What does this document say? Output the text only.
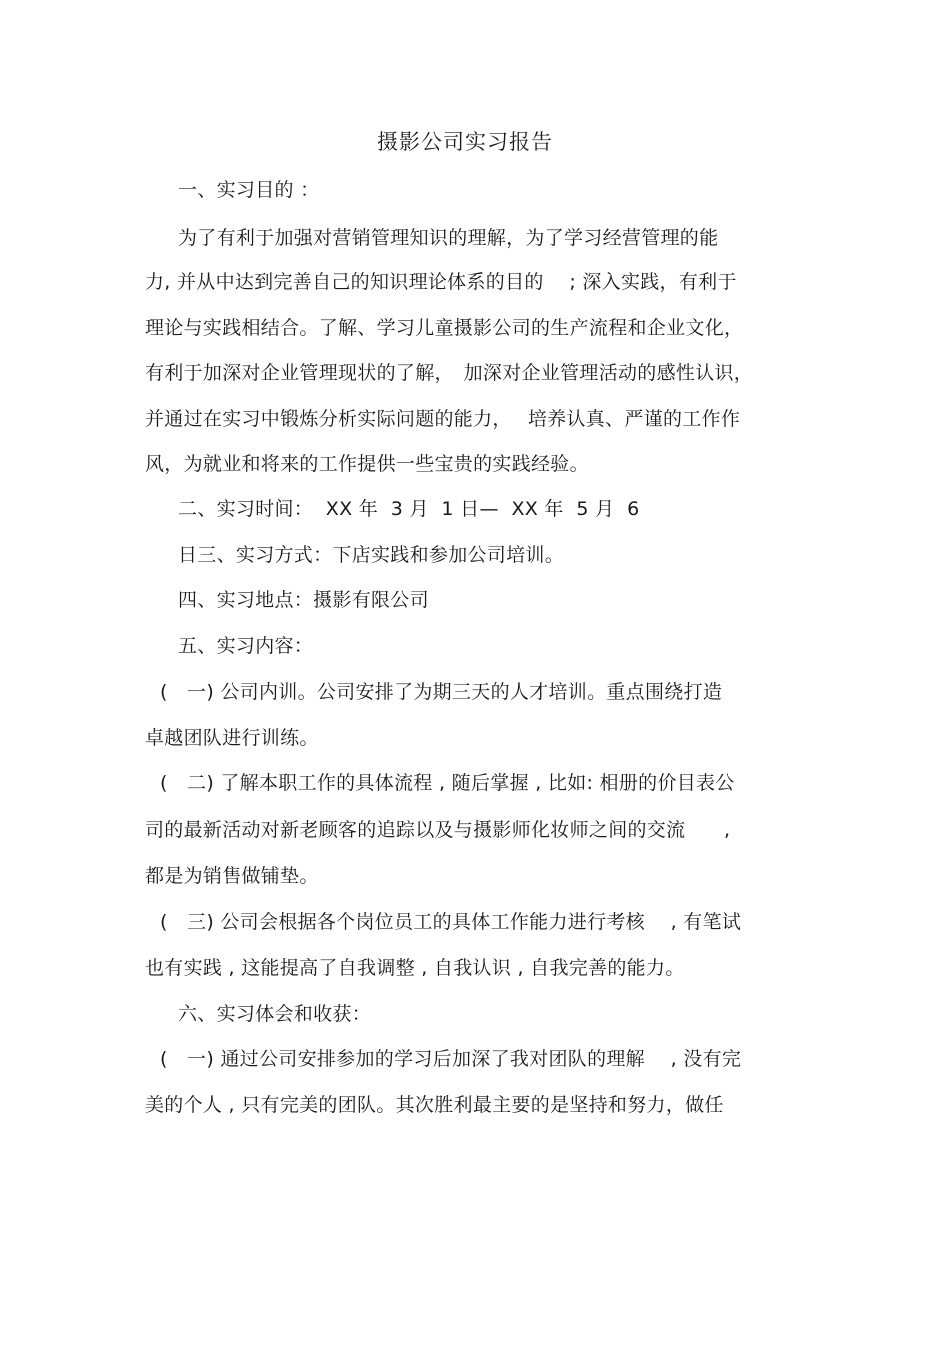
摄影公司实习报告
一、实习目的 ：
为了有利于加强对营销管理知识的理解，为了学习经营管理的能
力, 并从中达到完善自己的知识理论体系的目的　 ; 深入实践，有利于
理论与实践相结合。了解、学习儿童摄影公司的生产流程和企业文化，
有利于加深对企业管理现状的了解，　加深对企业管理活动的感性认识，
并通过在实习中锻炼分析实际问题的能力，　 培养认真、严谨的工作作
风，为就业和将来的工作提供一些宝贵的实践经验。
二、实习时间：  XX 年  3 月  1 日—  XX 年  5 月  6
日三、实习方式：下店实践和参加公司培训。
四、实习地点：摄影有限公司
五、实习内容：
(　一) 公司内训。公司安排了为期三天的人才培训。重点围绕打造
卓越团队进行训练。
(　二) 了解本职工作的具体流程 , 随后掌握 , 比如: 相册的价目表公
司的最新活动对新老顾客的追踪以及与摄影师化妆师之间的交流　　,
都是为销售做铺垫。
(　三) 公司会根据各个岗位员工的具体工作能力进行考核　 , 有笔试
也有实践 , 这能提高了自我调整 , 自我认识 , 自我完善的能力。
六、实习体会和收获：
(　一) 通过公司安排参加的学习后加深了我对团队的理解　 , 没有完
美的个人 , 只有完美的团队。其次胜利最主要的是坚持和努力，做任
